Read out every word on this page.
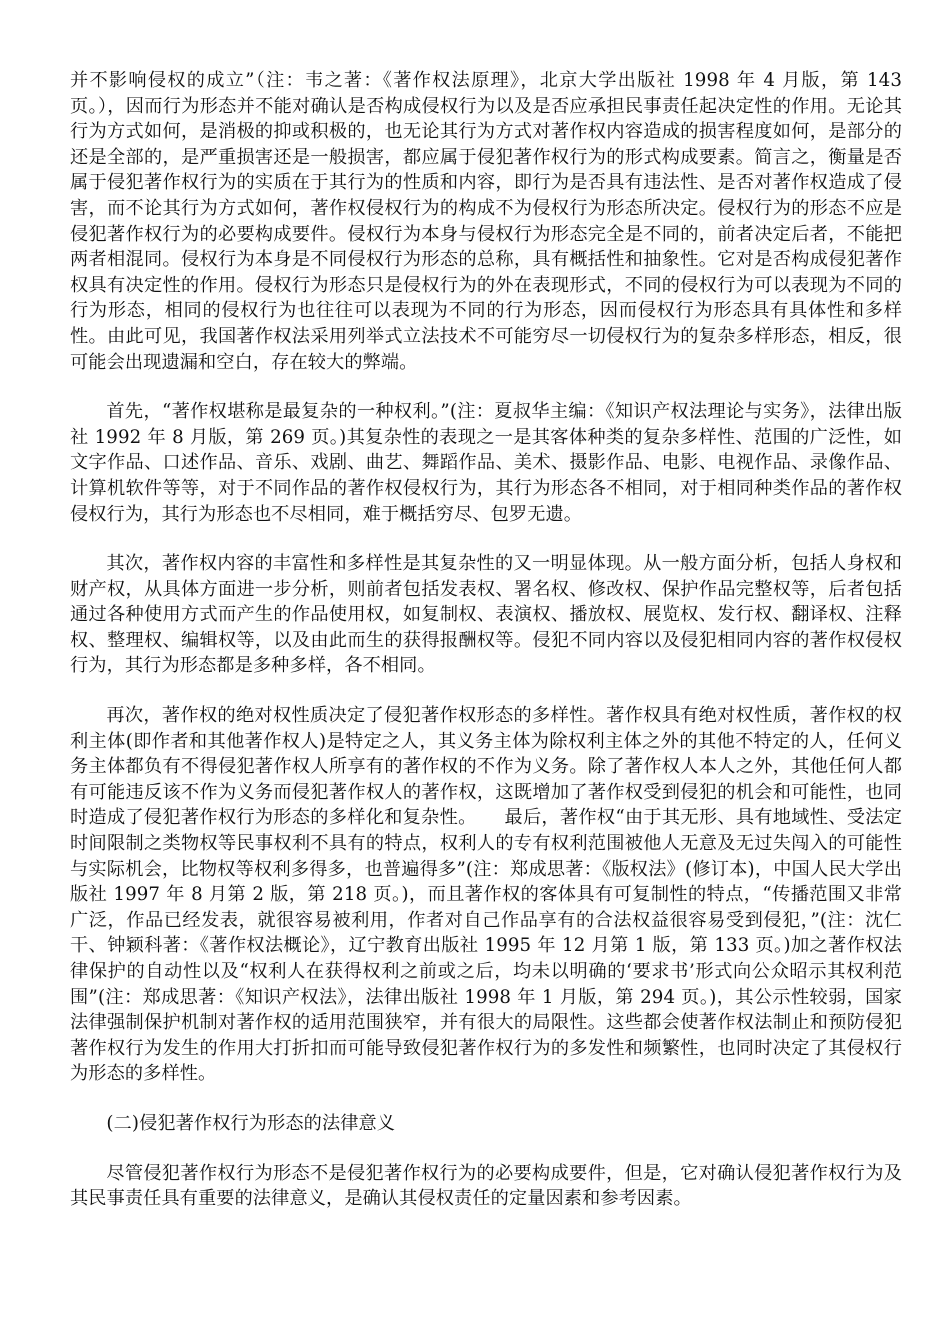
并不影响侵权的成立”（注：韦之著：《著作权法原理》，北京大学出版社 1998 年 4 月版，第 143 页。），因而行为形态并不能对确认是否构成侵权行为以及是否应承担民事责任起决定性的作用。无论其行为方式如何，是消极的抑或积极的，也无论其行为方式对著作权内容造成的损害程度如何，是部分的还是全部的，是严重损害还是一般损害，都应属于侵犯著作权行为的形式构成要素。简言之，衡量是否属于侵犯著作权行为的实质在于其行为的性质和内容，即行为是否具有违法性、是否对著作权造成了侵害，而不论其行为方式如何，著作权侵权行为的构成不为侵权行为形态所决定。侵权行为的形态不应是侵犯著作权行为的必要构成要件。侵权行为本身与侵权行为形态完全是不同的，前者决定后者，不能把两者相混同。侵权行为本身是不同侵权行为形态的总称，具有概括性和抽象性。它对是否构成侵犯著作权具有决定性的作用。侵权行为形态只是侵权行为的外在表现形式，不同的侵权行为可以表现为不同的行为形态，相同的侵权行为也往往可以表现为不同的行为形态，因而侵权行为形态具有具体性和多样性。由此可见，我国著作权法采用列举式立法技术不可能穷尽一切侵权行为的复杂多样形态，相反，很可能会出现遗漏和空白，存在较大的弊端。

首先，“著作权堪称是最复杂的一种权利。”(注：夏叔华主编：《知识产权法理论与实务》，法律出版社 1992 年 8 月版，第 269 页。)其复杂性的表现之一是其客体种类的复杂多样性、范围的广泛性，如文字作品、口述作品、音乐、戏剧、曲艺、舞蹈作品、美术、摄影作品、电影、电视作品、录像作品、计算机软件等等，对于不同作品的著作权侵权行为，其行为形态各不相同，对于相同种类作品的著作权侵权行为，其行为形态也不尽相同，难于概括穷尽、包罗无遗。

其次，著作权内容的丰富性和多样性是其复杂性的又一明显体现。从一般方面分析，包括人身权和财产权，从具体方面进一步分析，则前者包括发表权、署名权、修改权、保护作品完整权等，后者包括通过各种使用方式而产生的作品使用权，如复制权、表演权、播放权、展览权、发行权、翻译权、注释权、整理权、编辑权等，以及由此而生的获得报酬权等。侵犯不同内容以及侵犯相同内容的著作权侵权行为，其行为形态都是多种多样，各不相同。

再次，著作权的绝对权性质决定了侵犯著作权形态的多样性。著作权具有绝对权性质，著作权的权利主体(即作者和其他著作权人)是特定之人，其义务主体为除权利主体之外的其他不特定的人，任何义务主体都负有不得侵犯著作权人所享有的著作权的不作为义务。除了著作权人本人之外，其他任何人都有可能违反该不作为义务而侵犯著作权人的著作权，这既增加了著作权受到侵犯的机会和可能性，也同时造成了侵犯著作权行为形态的多样化和复杂性。　　最后，著作权“由于其无形、具有地域性、受法定时间限制之类物权等民事权利不具有的特点，权利人的专有权利范围被他人无意及无过失闯入的可能性与实际机会，比物权等权利多得多，也普遍得多”(注：郑成思著：《版权法》(修订本)，中国人民大学出版社 1997 年 8 月第 2 版，第 218 页。)，而且著作权的客体具有可复制性的特点，“传播范围又非常广泛，作品已经发表，就很容易被利用，作者对自己作品享有的合法权益很容易受到侵犯，”(注：沈仁干、钟颖科著：《著作权法概论》，辽宁教育出版社 1995 年 12 月第 1 版，第 133 页。)加之著作权法律保护的自动性以及“权利人在获得权利之前或之后，均未以明确的‘要求书’形式向公众昭示其权利范围”(注：郑成思著：《知识产权法》，法律出版社 1998 年 1 月版，第 294 页。)，其公示性较弱，国家法律强制保护机制对著作权的适用范围狭窄，并有很大的局限性。这些都会使著作权法制止和预防侵犯著作权行为发生的作用大打折扣而可能导致侵犯著作权行为的多发性和频繁性，也同时决定了其侵权行为形态的多样性。

(二)侵犯著作权行为形态的法律意义

尽管侵犯著作权行为形态不是侵犯著作权行为的必要构成要件，但是，它对确认侵犯著作权行为及其民事责任具有重要的法律意义，是确认其侵权责任的定量因素和参考因素。
